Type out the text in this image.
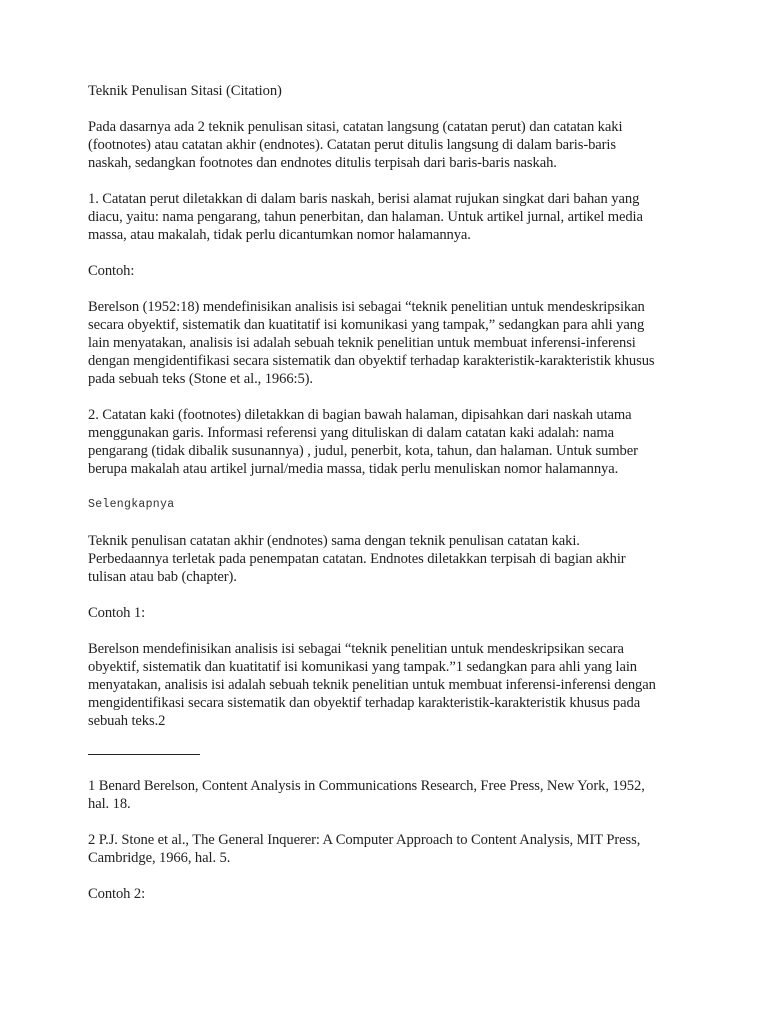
Teknik Penulisan Sitasi (Citation)

Pada dasarnya ada 2 teknik penulisan sitasi, catatan langsung (catatan perut) dan catatan kaki
(footnotes) atau catatan akhir (endnotes). Catatan perut ditulis langsung di dalam baris-baris
naskah, sedangkan footnotes dan endnotes ditulis terpisah dari baris-baris naskah.

1. Catatan perut diletakkan di dalam baris naskah, berisi alamat rujukan singkat dari bahan yang
diacu, yaitu: nama pengarang, tahun penerbitan, dan halaman. Untuk artikel jurnal, artikel media
massa, atau makalah, tidak perlu dicantumkan nomor halamannya.

Contoh:

Berelson (1952:18) mendefinisikan analisis isi sebagai “teknik penelitian untuk mendeskripsikan
secara obyektif, sistematik dan kuatitatif isi komunikasi yang tampak,” sedangkan para ahli yang
lain menyatakan, analisis isi adalah sebuah teknik penelitian untuk membuat inferensi-inferensi
dengan mengidentifikasi secara sistematik dan obyektif terhadap karakteristik-karakteristik khusus
pada sebuah teks (Stone et al., 1966:5).

2. Catatan kaki (footnotes) diletakkan di bagian bawah halaman, dipisahkan dari naskah utama
menggunakan garis. Informasi referensi yang dituliskan di dalam catatan kaki adalah: nama
pengarang (tidak dibalik susunannya) , judul, penerbit, kota, tahun, dan halaman. Untuk sumber
berupa makalah atau artikel jurnal/media massa, tidak perlu menuliskan nomor halamannya.

Selengkapnya

Teknik penulisan catatan akhir (endnotes) sama dengan teknik penulisan catatan kaki.
Perbedaannya terletak pada penempatan catatan. Endnotes diletakkan terpisah di bagian akhir
tulisan atau bab (chapter).

Contoh 1:

Berelson mendefinisikan analisis isi sebagai “teknik penelitian untuk mendeskripsikan secara
obyektif, sistematik dan kuatitatif isi komunikasi yang tampak.”1 sedangkan para ahli yang lain
menyatakan, analisis isi adalah sebuah teknik penelitian untuk membuat inferensi-inferensi dengan
mengidentifikasi secara sistematik dan obyektif terhadap karakteristik-karakteristik khusus pada
sebuah teks.2

1 Benard Berelson, Content Analysis in Communications Research, Free Press, New York, 1952,
hal. 18.

2 P.J. Stone et al., The General Inquerer: A Computer Approach to Content Analysis, MIT Press,
Cambridge, 1966, hal. 5.

Contoh 2:
